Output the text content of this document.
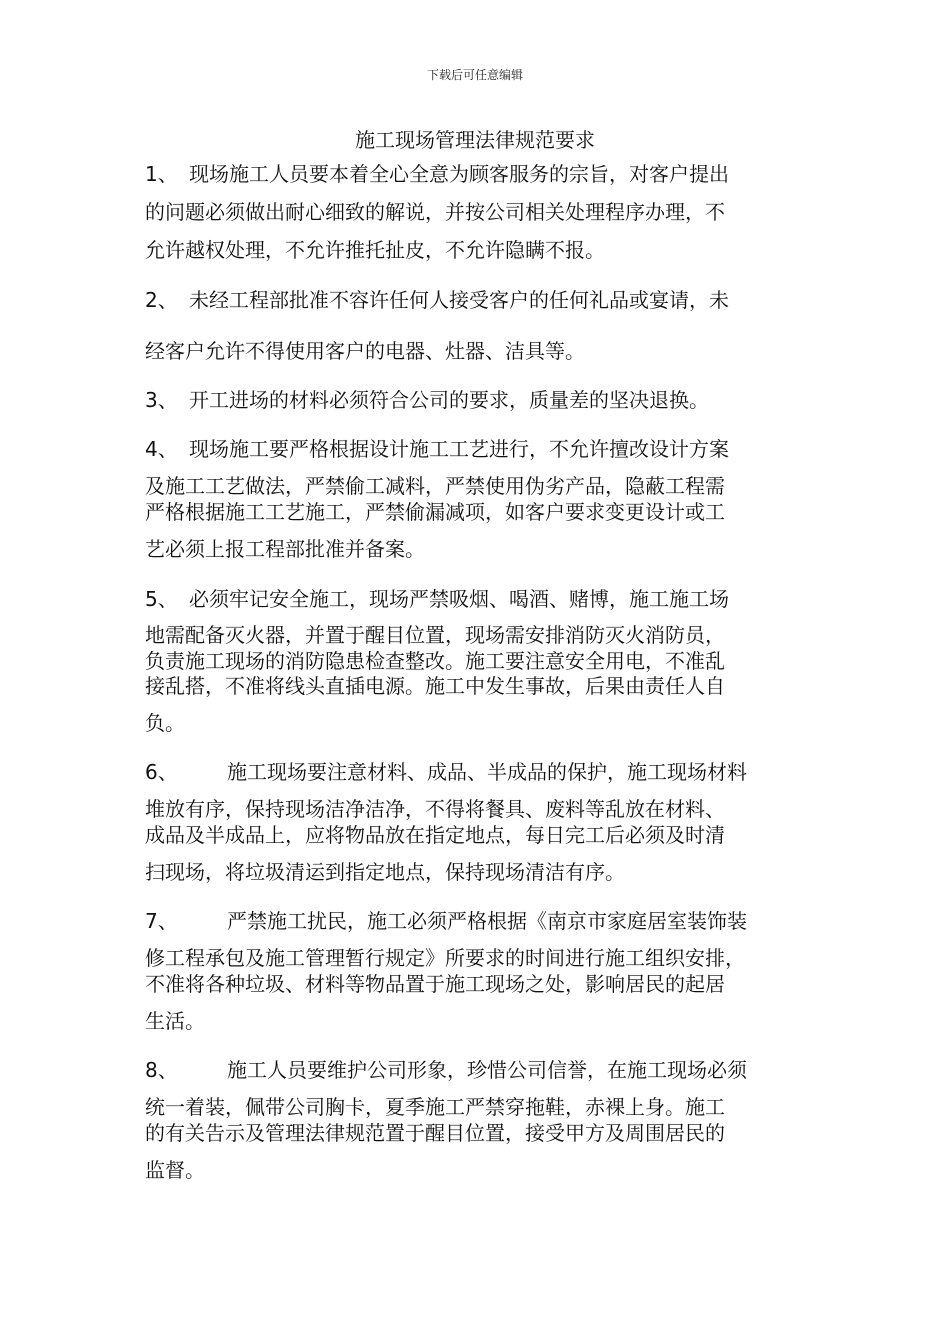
下载后可任意编辑
施工现场管理法律规范要求
1、 现场施工人员要本着全心全意为顾客服务的宗旨，对客户提出
的问题必须做出耐心细致的解说，并按公司相关处理程序办理，不
允许越权处理，不允许推托扯皮，不允许隐瞒不报。
2、 未经工程部批准不容许任何人接受客户的任何礼品或宴请，未
经客户允许不得使用客户的电器、灶器、洁具等。
3、 开工进场的材料必须符合公司的要求，质量差的坚决退换。
4、 现场施工要严格根据设计施工工艺进行，不允许擅改设计方案
及施工工艺做法，严禁偷工减料，严禁使用伪劣产品，隐蔽工程需
严格根据施工工艺施工，严禁偷漏减项，如客户要求变更设计或工
艺必须上报工程部批准并备案。
5、 必须牢记安全施工，现场严禁吸烟、喝酒、赌博，施工施工场
地需配备灭火器，并置于醒目位置，现场需安排消防灭火消防员，
负责施工现场的消防隐患检查整改。施工要注意安全用电，不准乱
接乱搭，不准将线头直插电源。施工中发生事故，后果由责任人自
负。
6、 施工现场要注意材料、成品、半成品的保护，施工现场材料
堆放有序，保持现场洁净洁净，不得将餐具、废料等乱放在材料、
成品及半成品上，应将物品放在指定地点，每日完工后必须及时清
扫现场，将垃圾清运到指定地点，保持现场清洁有序。
7、 严禁施工扰民，施工必须严格根据《南京市家庭居室装饰装
修工程承包及施工管理暂行规定》所要求的时间进行施工组织安排，
不准将各种垃圾、材料等物品置于施工现场之处，影响居民的起居
生活。
8、 施工人员要维护公司形象，珍惜公司信誉，在施工现场必须
统一着装，佩带公司胸卡，夏季施工严禁穿拖鞋，赤裸上身。施工
的有关告示及管理法律规范置于醒目位置，接受甲方及周围居民的
监督。
